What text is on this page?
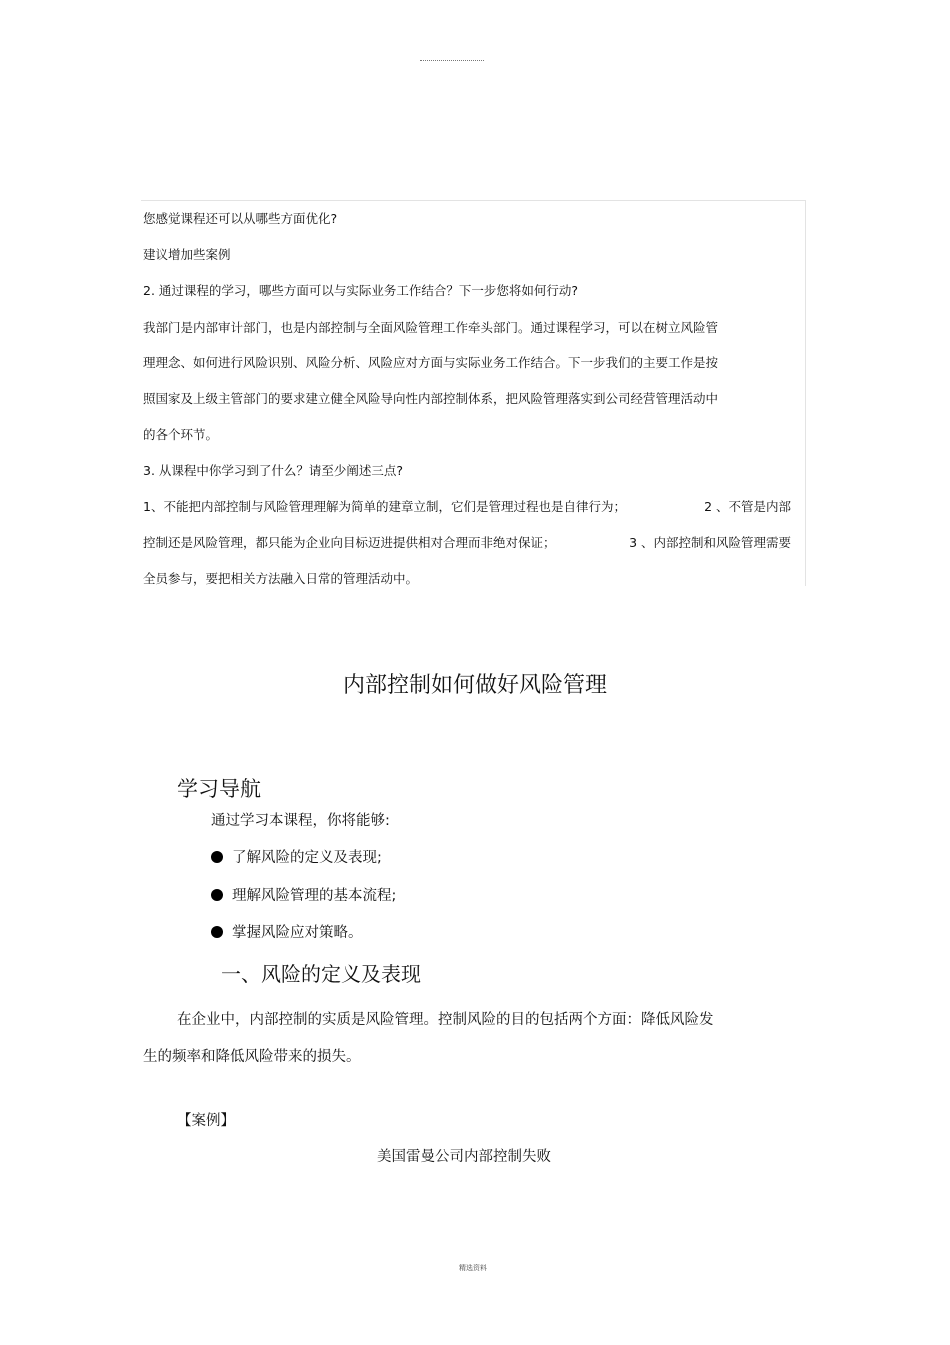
您感觉课程还可以从哪些方面优化?
建议增加些案例
2. 通过课程的学习，哪些方面可以与实际业务工作结合？下一步您将如何行动?
我部门是内部审计部门，也是内部控制与全面风险管理工作牵头部门。通过课程学习，可以在树立风险管
理理念、如何进行风险识别、风险分析、风险应对方面与实际业务工作结合。下一步我们的主要工作是按
照国家及上级主管部门的要求建立健全风险导向性内部控制体系，把风险管理落实到公司经营管理活动中
的各个环节。
3. 从课程中你学习到了什么？请至少阐述三点?
1、不能把内部控制与风险管理理解为简单的建章立制，它们是管理过程也是自律行为；	2 、不管是内部
控制还是风险管理，都只能为企业向目标迈进提供相对合理而非绝对保证；	3 、内部控制和风险管理需要
全员参与，要把相关方法融入日常的管理活动中。
内部控制如何做好风险管理
学习导航
通过学习本课程，你将能够:
了解风险的定义及表现;
理解风险管理的基本流程;
掌握风险应对策略。
一、风险的定义及表现
在企业中，内部控制的实质是风险管理。控制风险的目的包括两个方面：降低风险发
生的频率和降低风险带来的损失。
【案例】
美国雷曼公司内部控制失败
精选资料
